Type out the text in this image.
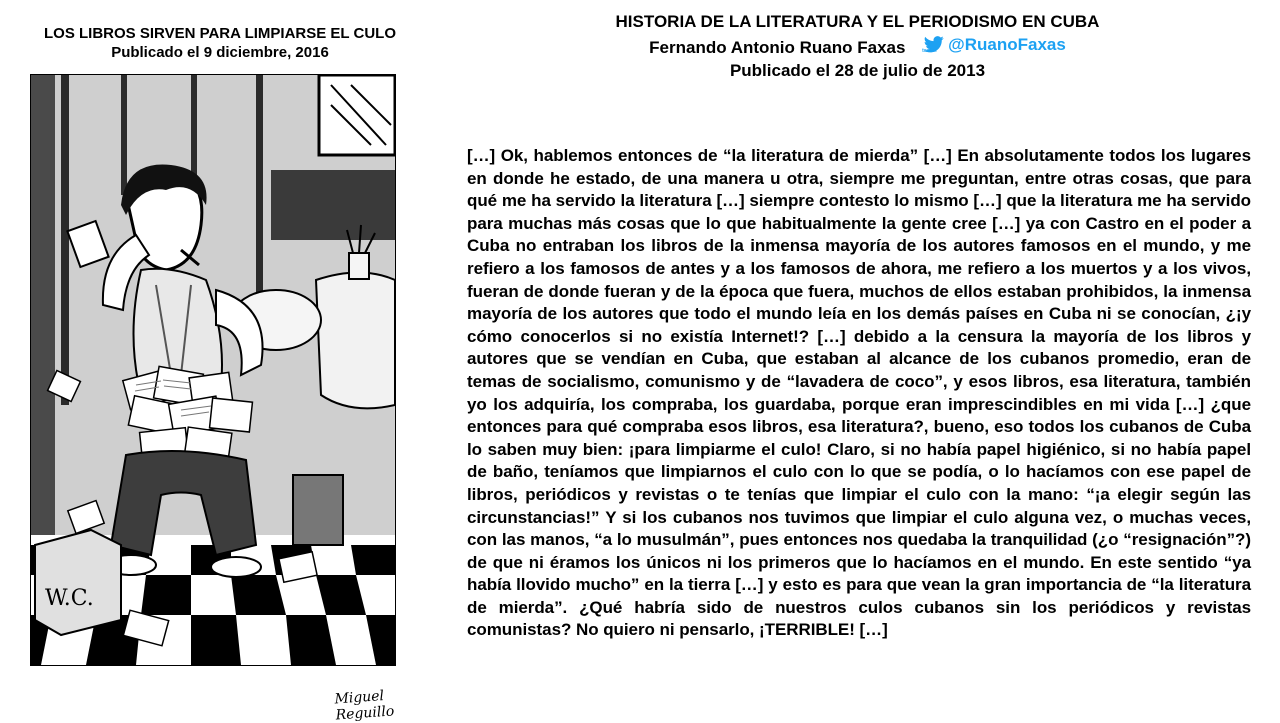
LOS LIBROS SIRVEN PARA LIMPIARSE EL CULO
Publicado el 9 diciembre, 2016
W.C.
Miguel Reguillo
HISTORIA DE LA LITERATURA Y EL PERIODISMO EN CUBA
Fernando Antonio Ruano Faxas	twitter @RuanoFaxas
Publicado el 28 de julio de 2013
[…] Ok, hablemos entonces de “la literatura de mierda” […] En absolutamente todos los lugares en donde he estado, de una manera u otra, siempre me preguntan, entre otras cosas, que para qué me ha servido la literatura […] siempre contesto lo mismo […] que la literatura me ha servido para muchas más cosas que lo que habitualmente la gente cree […] ya con Castro en el poder a Cuba no entraban los libros de la inmensa mayoría de los autores famosos en el mundo, y me refiero a los famosos de antes y a los famosos de ahora, me refiero a los muertos y a los vivos, fueran de donde fueran y de la época que fuera, muchos de ellos estaban prohibidos, la inmensa mayoría de los autores que todo el mundo leía en los demás países en Cuba ni se conocían, ¿¡y cómo conocerlos si no existía Internet!? […] debido a la censura la mayoría de los libros y autores que se vendían en Cuba, que estaban al alcance de los cubanos promedio, eran de temas de socialismo, comunismo y de “lavadera de coco”, y esos libros, esa literatura, también yo los adquiría, los compraba, los guardaba, porque eran imprescindibles en mi vida […] ¿que entonces para qué compraba esos libros, esa literatura?, bueno, eso todos los cubanos de Cuba lo saben muy bien: ¡para limpiarme el culo! Claro, si no había papel higiénico, si no había papel de baño, teníamos que limpiarnos el culo con lo que se podía, o lo hacíamos con ese papel de libros, periódicos y revistas o te tenías que limpiar el culo con la mano: “¡a elegir según las circunstancias!” Y si los cubanos nos tuvimos que limpiar el culo alguna vez, o muchas veces, con las manos, “a lo musulmán”, pues entonces nos quedaba la tranquilidad (¿o “resignación”?) de que ni éramos los únicos ni los primeros que lo hacíamos en el mundo. En este sentido “ya había llovido mucho” en la tierra […] y esto es para que vean la gran importancia de “la literatura de mierda”. ¿Qué habría sido de nuestros culos cubanos sin los periódicos y revistas comunistas? No quiero ni pensarlo, ¡TERRIBLE! […]
